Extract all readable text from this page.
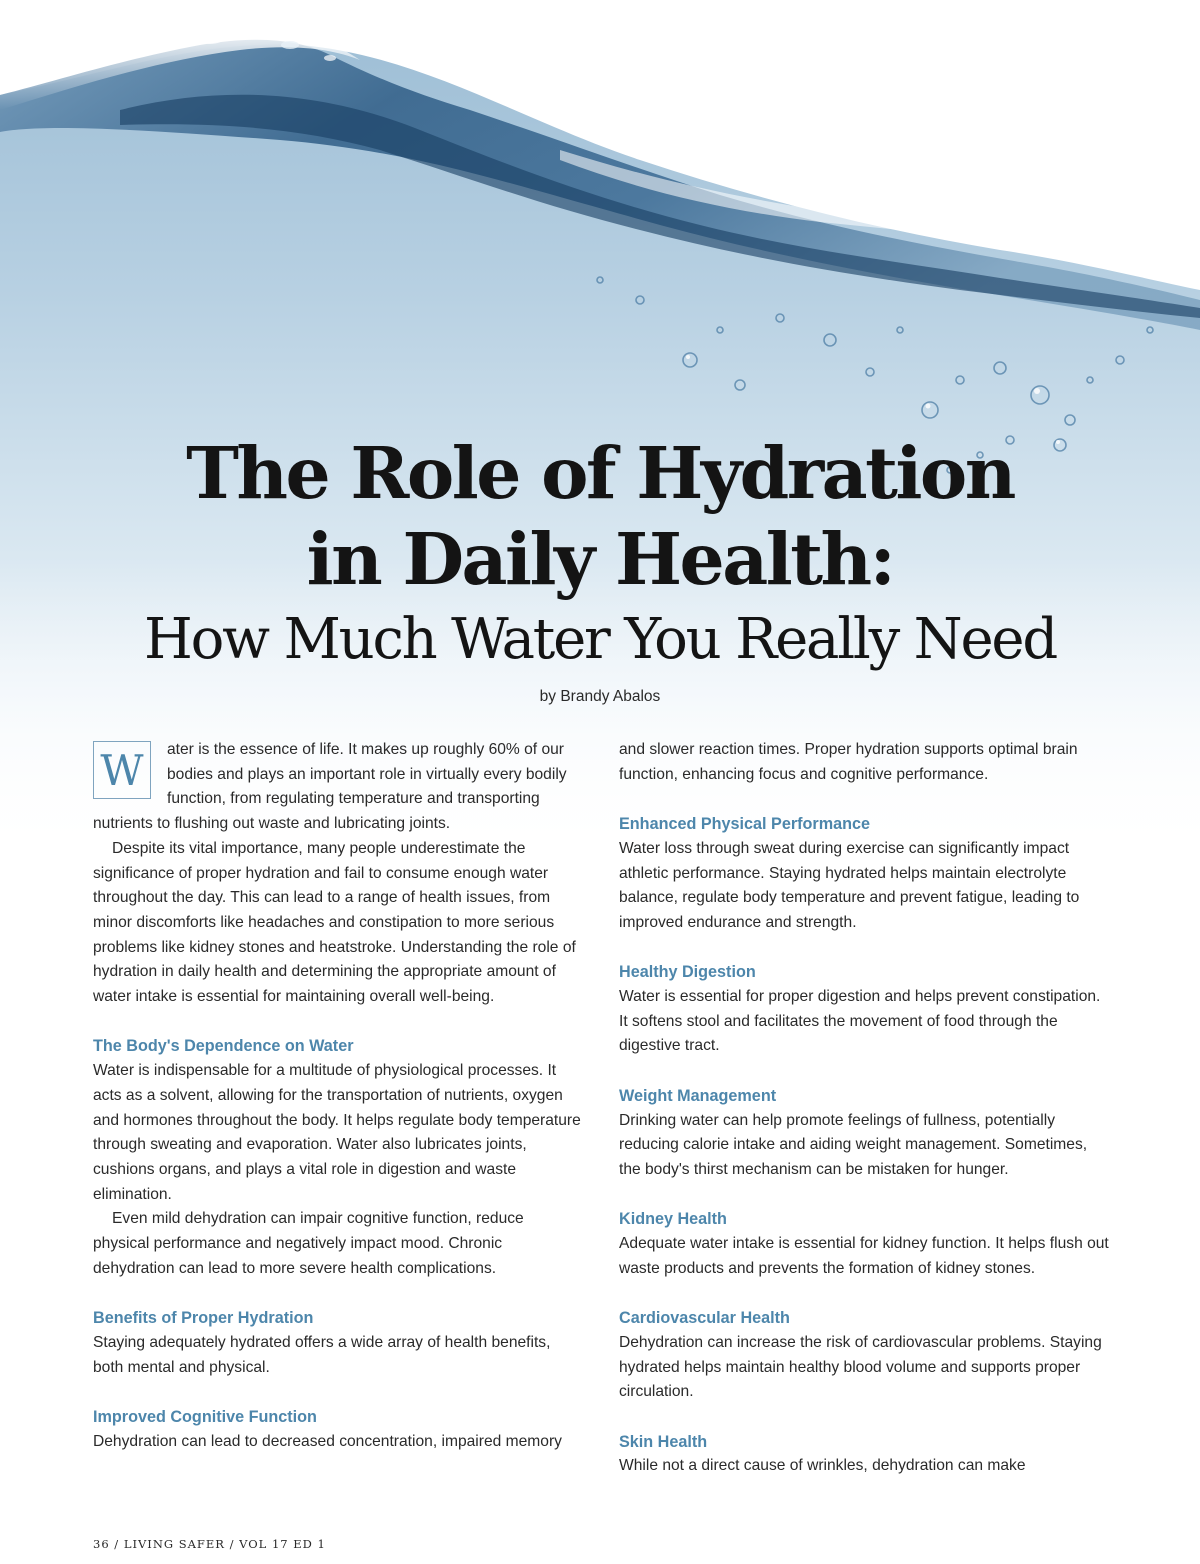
The Role of Hydration
in Daily Health:
How Much Water You Really Need
by Brandy Abalos

W	ater is the essence of life. It makes up roughly 60% of our bodies and plays an important role in virtually every bodily function, from regulating temperature and transporting nutrients to flushing out waste and lubricating joints.

Despite its vital importance, many people underestimate the significance of proper hydration and fail to consume enough water throughout the day. This can lead to a range of health issues, from minor discomforts like headaches and constipation to more serious problems like kidney stones and heatstroke. Understanding the role of hydration in daily health and determining the appropriate amount of water intake is essential for maintaining overall well-being.

The Body's Dependence on Water

Water is indispensable for a multitude of physiological processes. It acts as a solvent, allowing for the transportation of nutrients, oxygen and hormones throughout the body. It helps regulate body temperature through sweating and evaporation. Water also lubricates joints, cushions organs, and plays a vital role in digestion and waste elimination.

Even mild dehydration can impair cognitive function, reduce physical performance and negatively impact mood. Chronic dehydration can lead to more severe health complications.

Benefits of Proper Hydration

Staying adequately hydrated offers a wide array of health benefits, both mental and physical.

Improved Cognitive Function

Dehydration can lead to decreased concentration, impaired memory

and slower reaction times. Proper hydration supports optimal brain function, enhancing focus and cognitive performance.

Enhanced Physical Performance

Water loss through sweat during exercise can significantly impact athletic performance. Staying hydrated helps maintain electrolyte balance, regulate body temperature and prevent fatigue, leading to improved endurance and strength.

Healthy Digestion

Water is essential for proper digestion and helps prevent constipation. It softens stool and facilitates the movement of food through the digestive tract.

Weight Management

Drinking water can help promote feelings of fullness, potentially reducing calorie intake and aiding weight management. Sometimes, the body's thirst mechanism can be mistaken for hunger.

Kidney Health

Adequate water intake is essential for kidney function. It helps flush out waste products and prevents the formation of kidney stones.

Cardiovascular Health

Dehydration can increase the risk of cardiovascular problems. Staying hydrated helps maintain healthy blood volume and supports proper circulation.

Skin Health

While not a direct cause of wrinkles, dehydration can make

36 / LIVING SAFER / VOL 17 ED 1
